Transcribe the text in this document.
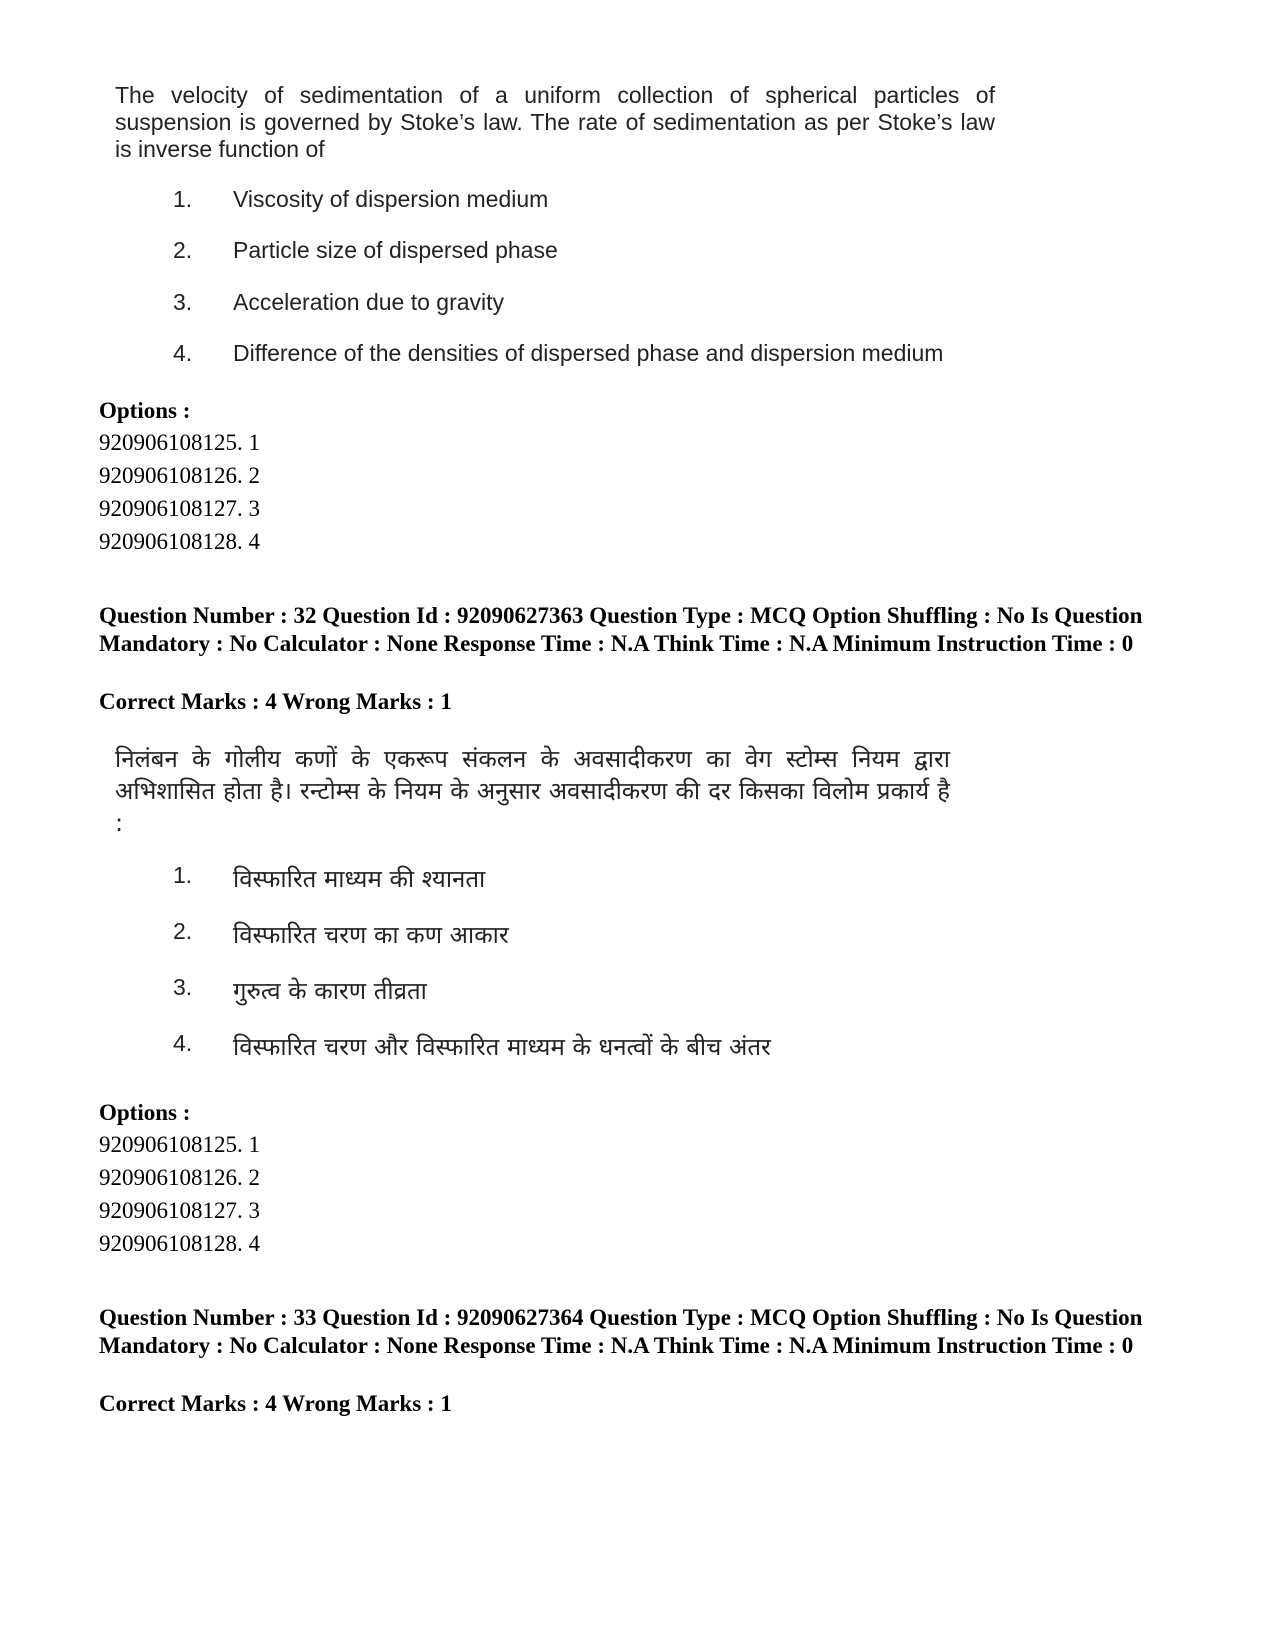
The velocity of sedimentation of a uniform collection of spherical particles of suspension is governed by Stoke’s law. The rate of sedimentation as per Stoke’s law is inverse function of
1.	Viscosity of dispersion medium
2.	Particle size of dispersed phase
3.	Acceleration due to gravity
4.	Difference of the densities of dispersed phase and dispersion medium
Options :
920906108125. 1
920906108126. 2
920906108127. 3
920906108128. 4
Question Number : 32 Question Id : 92090627363 Question Type : MCQ Option Shuffling : No Is Question Mandatory : No Calculator : None Response Time : N.A Think Time : N.A Minimum Instruction Time : 0
Correct Marks : 4 Wrong Marks : 1
निलंबन के गोलीय कणों के एकरूप संकलन के अवसादीकरण का वेग स्टोम्स नियम द्वारा अभिशासित होता है। रन्टोम्स के नियम के अनुसार अवसादीकरण की दर किसका विलोम प्रकार्य है :
1.	विस्फारित माध्यम की श्यानता
2.	विस्फारित चरण का कण आकार
3.	गुरुत्व के कारण तीव्रता
4.	विस्फारित चरण और विस्फारित माध्यम के धनत्वों के बीच अंतर
Options :
920906108125. 1
920906108126. 2
920906108127. 3
920906108128. 4
Question Number : 33 Question Id : 92090627364 Question Type : MCQ Option Shuffling : No Is Question Mandatory : No Calculator : None Response Time : N.A Think Time : N.A Minimum Instruction Time : 0
Correct Marks : 4 Wrong Marks : 1
